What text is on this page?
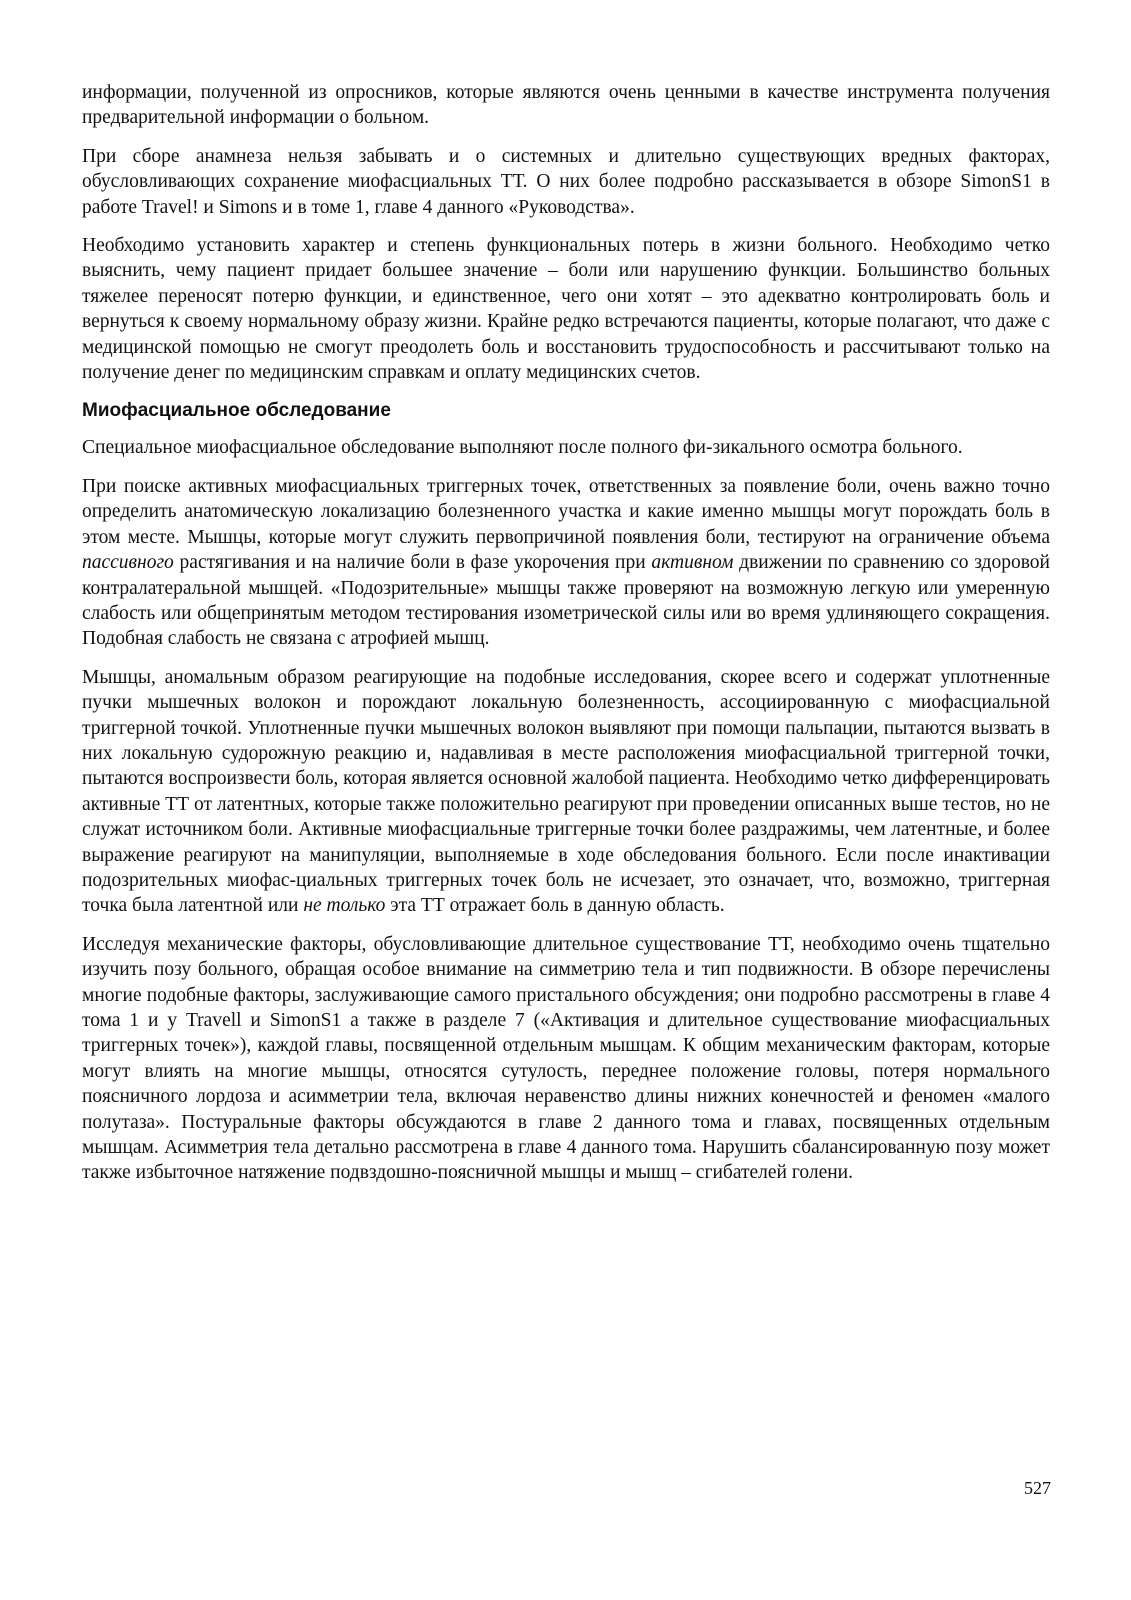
информации, полученной из опросников, которые являются очень ценными в качестве инструмента получения предварительной информации о больном.

При сборе анамнеза нельзя забывать и о системных и длительно существующих вредных факторах, обусловливающих сохранение миофасциальных ТТ. О них более подробно рассказывается в обзоре SimonS1 в работе Travel! и Simons и в томе 1, главе 4 данного «Руководства».

Необходимо установить характер и степень функциональных потерь в жизни больного. Необходимо четко выяснить, чему пациент придает большее значение – боли или нарушению функции. Большинство больных тяжелее переносят потерю функции, и единственное, чего они хотят – это адекватно контролировать боль и вернуться к своему нормальному образу жизни. Крайне редко встречаются пациенты, которые полагают, что даже с медицинской помощью не смогут преодолеть боль и восстановить трудоспособность и рассчитывают только на получение денег по медицинским справкам и оплату медицинских счетов.

Миофасциальное обследование

Специальное миофасциальное обследование выполняют после полного фи-зикального осмотра больного.

При поиске активных миофасциальных триггерных точек, ответственных за появление боли, очень важно точно определить анатомическую локализацию болезненного участка и какие именно мышцы могут порождать боль в этом месте. Мышцы, которые могут служить первопричиной появления боли, тестируют на ограничение объема пассивного растягивания и на наличие боли в фазе укорочения при активном движении по сравнению со здоровой контралатеральной мышцей. «Подозрительные» мышцы также проверяют на возможную легкую или умеренную слабость или общепринятым методом тестирования изометрической силы или во время удлиняющего сокращения. Подобная слабость не связана с атрофией мышц.

Мышцы, аномальным образом реагирующие на подобные исследования, скорее всего и содержат уплотненные пучки мышечных волокон и порождают локальную болезненность, ассоциированную с миофасциальной триггерной точкой. Уплотненные пучки мышечных волокон выявляют при помощи пальпации, пытаются вызвать в них локальную судорожную реакцию и, надавливая в месте расположения миофасциальной триггерной точки, пытаются воспроизвести боль, которая является основной жалобой пациента. Необходимо четко дифференцировать активные ТТ от латентных, которые также положительно реагируют при проведении описанных выше тестов, но не служат источником боли. Активные миофасциальные триггерные точки более раздражимы, чем латентные, и более выражение реагируют на манипуляции, выполняемые в ходе обследования больного. Если после инактивации подозрительных миофас-циальных триггерных точек боль не исчезает, это означает, что, возможно, триггерная точка была латентной или не только эта ТТ отражает боль в данную область.

Исследуя механические факторы, обусловливающие длительное существование ТТ, необходимо очень тщательно изучить позу больного, обращая особое внимание на симметрию тела и тип подвижности. В обзоре перечислены многие подобные факторы, заслуживающие самого пристального обсуждения; они подробно рассмотрены в главе 4 тома 1 и у Travell и SimonS1 а также в разделе 7 («Активация и длительное существование миофасциальных триггерных точек»), каждой главы, посвященной отдельным мышцам. К общим механическим факторам, которые могут влиять на многие мышцы, относятся сутулость, переднее положение головы, потеря нормального поясничного лордоза и асимметрии тела, включая неравенство длины нижних конечностей и феномен «малого полутаза». Постуральные факторы обсуждаются в главе 2 данного тома и главах, посвященных отдельным мышцам. Асимметрия тела детально рассмотрена в главе 4 данного тома. Нарушить сбалансированную позу может также избыточное натяжение подвздошно-поясничной мышцы и мышц – сгибателей голени.

527
